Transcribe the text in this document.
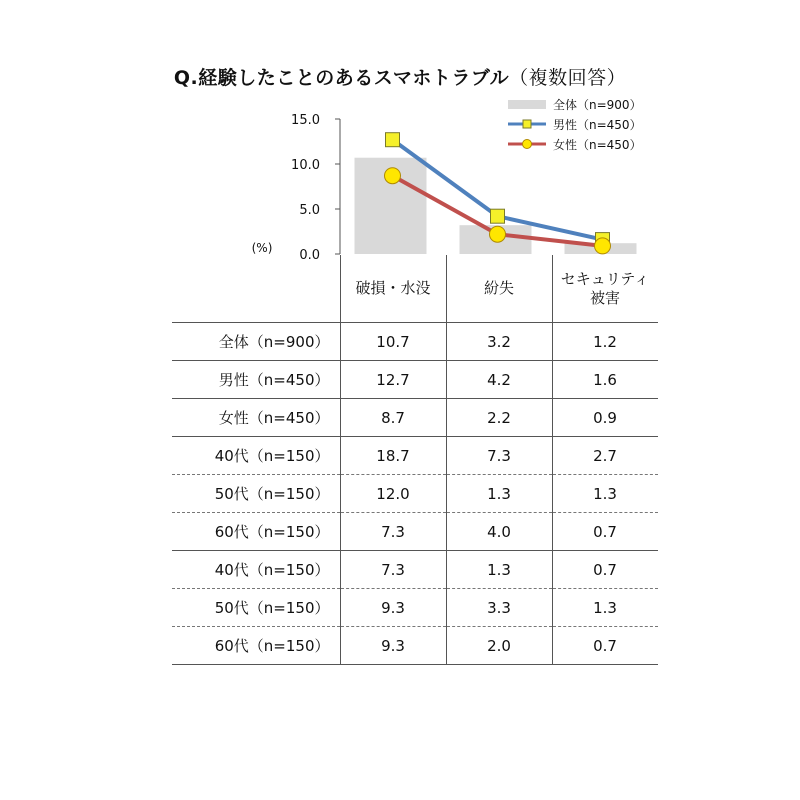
Q.経験したことのあるスマホトラブル（複数回答）
0.0
5.0
10.0
15.0
(%)
全体（n=900）
男性（n=450）
女性（n=450）

	破損・水没	紛失	セキュリティ
被害

全体（n=900）	10.7	3.2	1.2
男性（n=450）	12.7	4.2	1.6
女性（n=450）	8.7	2.2	0.9
40代（n=150）	18.7	7.3	2.7
50代（n=150）	12.0	1.3	1.3
60代（n=150）	7.3	4.0	0.7
40代（n=150）	7.3	1.3	0.7
50代（n=150）	9.3	3.3	1.3
60代（n=150）	9.3	2.0	0.7
